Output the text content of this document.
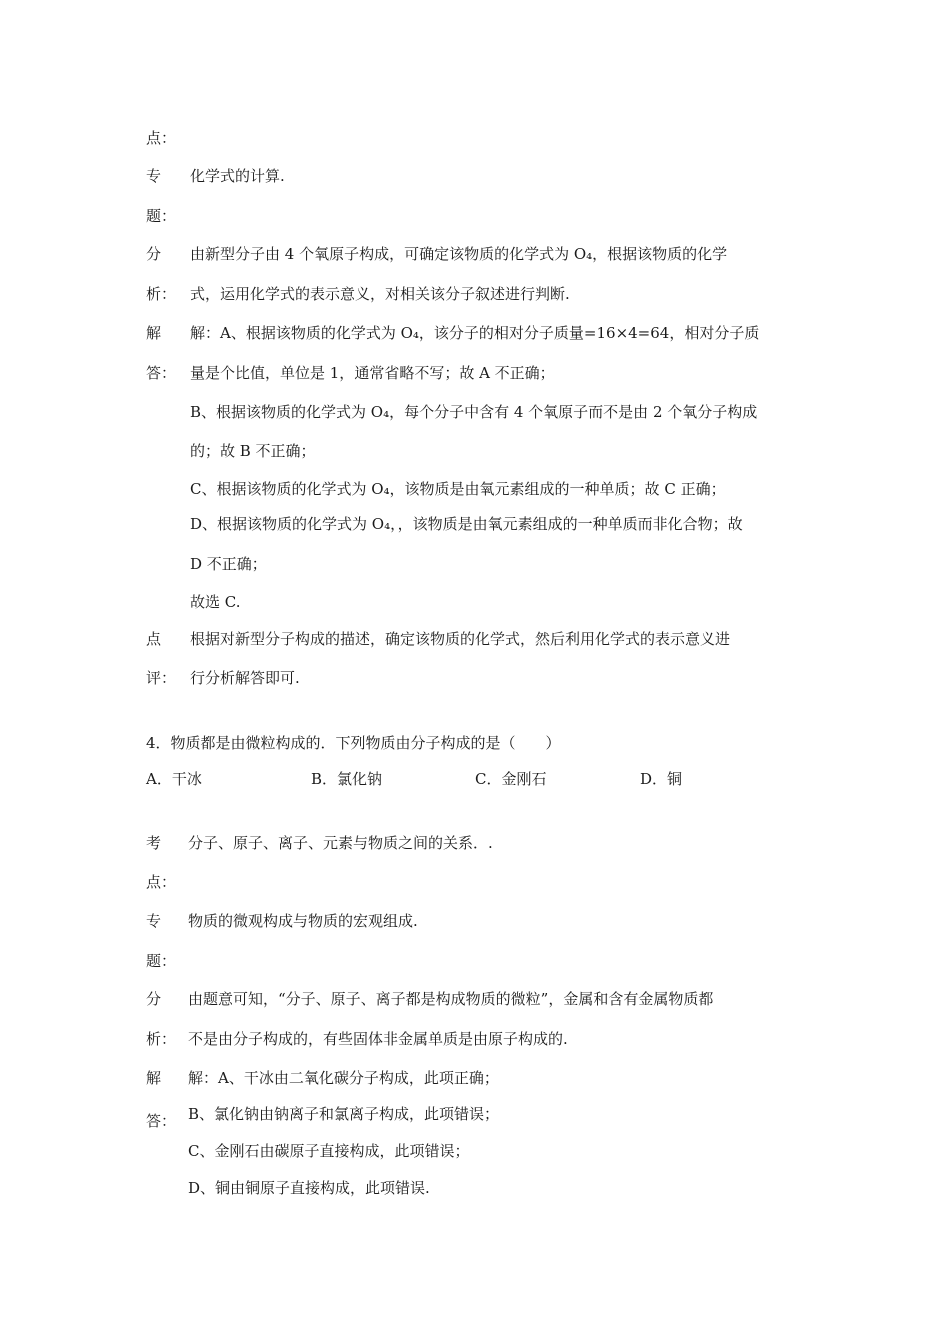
点：
专 化学式的计算.
题：
分 由新型分子由 4 个氧原子构成，可确定该物质的化学式为 O₄，根据该物质的化学
析： 式，运用化学式的表示意义，对相关该分子叙述进行判断.
解 解：A、根据该物质的化学式为 O₄，该分子的相对分子质量=16×4=64，相对分子质
答： 量是个比值，单位是 1，通常省略不写；故 A 不正确；
B、根据该物质的化学式为 O₄，每个分子中含有 4 个氧原子而不是由 2 个氧分子构成
的；故 B 不正确；
C、根据该物质的化学式为 O₄，该物质是由氧元素组成的一种单质；故 C 正确；
D、根据该物质的化学式为 O₄，，该物质是由氧元素组成的一种单质而非化合物；故
D 不正确；
故选 C.
点 根据对新型分子构成的描述，确定该物质的化学式，然后利用化学式的表示意义进
评： 行分析解答即可.
4．物质都是由微粒构成的．下列物质由分子构成的是（　　）
A．干冰	B．氯化钠	C．金刚石	D．铜
考 分子、原子、离子、元素与物质之间的关系．.
点：
专 物质的微观构成与物质的宏观组成.
题：
分 由题意可知，“分子、原子、离子都是构成物质的微粒”，金属和含有金属物质都
析： 不是由分子构成的，有些固体非金属单质是由原子构成的.
解 解：A、干冰由二氧化碳分子构成，此项正确；
答： B、氯化钠由钠离子和氯离子构成，此项错误；
C、金刚石由碳原子直接构成，此项错误；
D、铜由铜原子直接构成，此项错误.
